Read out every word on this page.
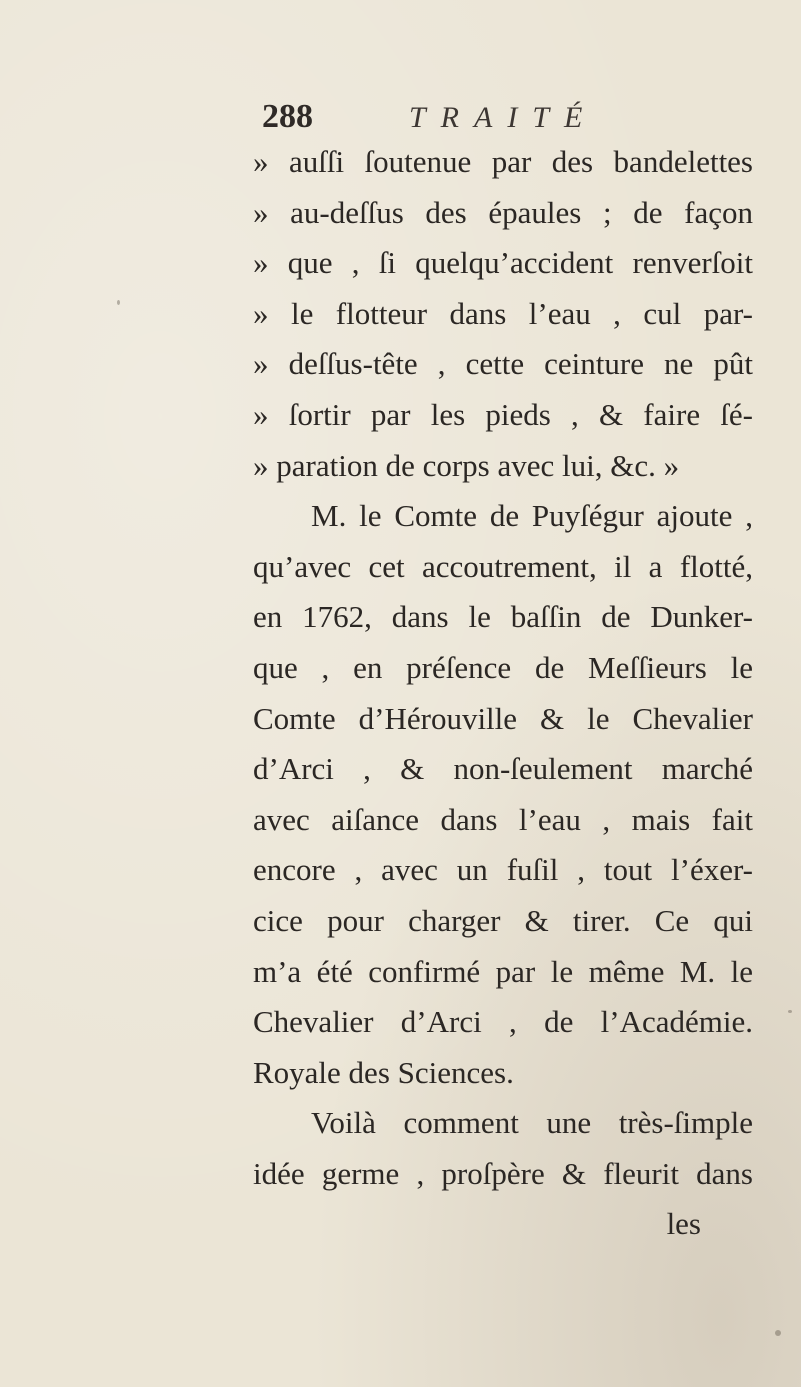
288	TRAITÉ
» auſſi ſoutenue par des bandelettes
» au-deſſus des épaules ; de façon
» que , ſi quelqu’accident renverſoit
» le flotteur dans l’eau , cul par-
» deſſus-tête , cette ceinture ne pût
» ſortir par les pieds , & faire ſé-
» paration de corps avec lui, &c. »
M. le Comte de Puyſégur ajoute ,
qu’avec cet accoutrement, il a flotté,
en 1762, dans le baſſin de Dunker-
que , en préſence de Meſſieurs le
Comte d’Hérouville & le Chevalier
d’Arci , & non-ſeulement marché
avec aiſance dans l’eau , mais fait
encore , avec un fuſil , tout l’éxer-
cice pour charger & tirer. Ce qui
m’a été confirmé par le même M. le
Chevalier d’Arci , de l’Académie.
Royale des Sciences.
Voilà comment une très-ſimple
idée germe , proſpère & fleurit dans
les
